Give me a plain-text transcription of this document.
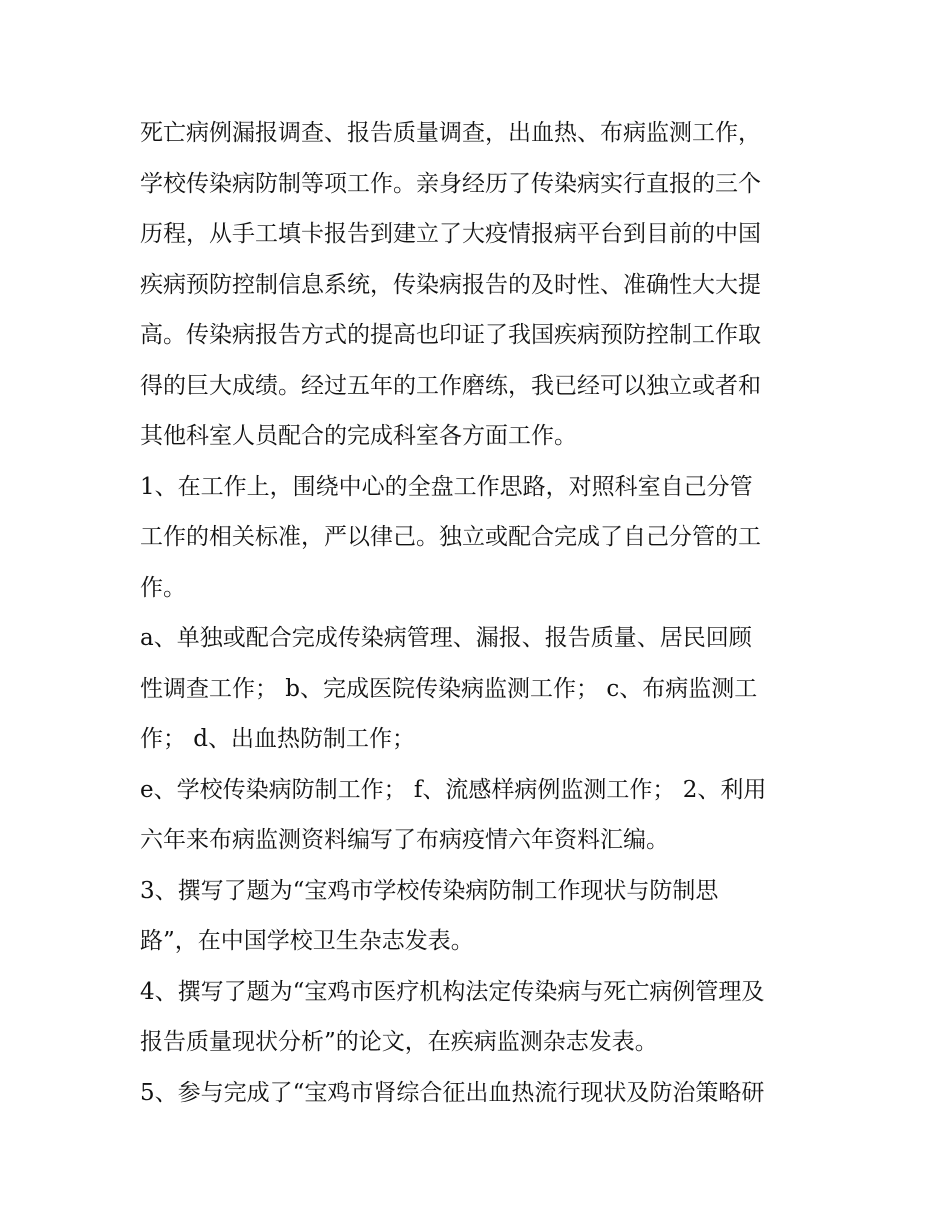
死亡病例漏报调查、报告质量调查，出血热、布病监测工作，
学校传染病防制等项工作。亲身经历了传染病实行直报的三个
历程，从手工填卡报告到建立了大疫情报病平台到目前的中国
疾病预防控制信息系统，传染病报告的及时性、准确性大大提
高。传染病报告方式的提高也印证了我国疾病预防控制工作取
得的巨大成绩。经过五年的工作磨练，我已经可以独立或者和
其他科室人员配合的完成科室各方面工作。
1、在工作上，围绕中心的全盘工作思路，对照科室自己分管
工作的相关标准，严以律己。独立或配合完成了自己分管的工
作。
a、单独或配合完成传染病管理、漏报、报告质量、居民回顾
性调查工作； b、完成医院传染病监测工作； c、布病监测工
作； d、出血热防制工作；
e、学校传染病防制工作； f、流感样病例监测工作； 2、利用
六年来布病监测资料编写了布病疫情六年资料汇编。
3、撰写了题为“宝鸡市学校传染病防制工作现状与防制思
路”，在中国学校卫生杂志发表。
4、撰写了题为“宝鸡市医疗机构法定传染病与死亡病例管理及
报告质量现状分析”的论文，在疾病监测杂志发表。
5、参与完成了“宝鸡市肾综合征出血热流行现状及防治策略研
